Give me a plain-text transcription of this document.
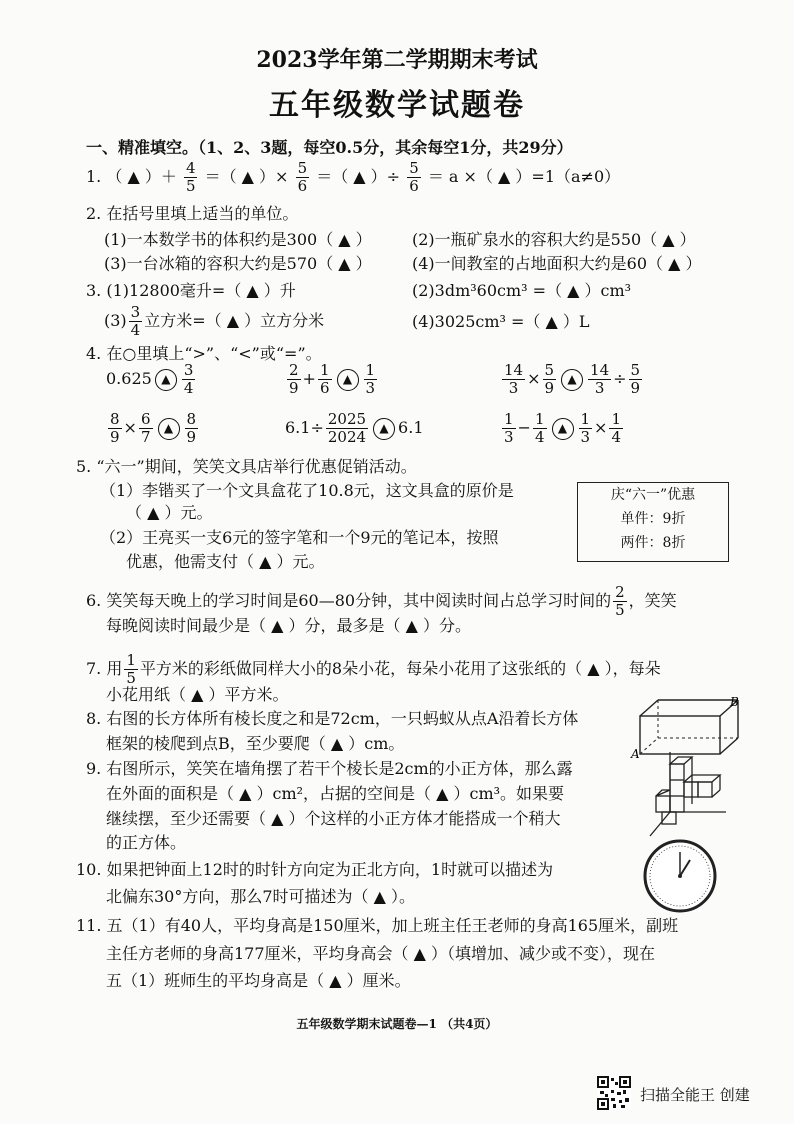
2023学年第二学期期末考试
五年级数学试题卷
一、精准填空。（1、2、3题，每空0.5分，其余每空1分，共29分）
1. （ ▲ ）＋ $\frac{4}{5}$ ＝（ ▲ ）× $\frac{5}{6}$ ＝（ ▲ ）÷ $\frac{5}{6} = a$ ×（ ▲ ）=1（a≠0）
2. 在括号里填上适当的单位。
(1)一本数学书的体积约是300（ ▲ ）	(2)一瓶矿泉水的容积大约是550（ ▲ ）
(3)一台冰箱的容积大约是570（ ▲ ）	(4)一间教室的占地面积大约是60（ ▲ ）
3. (1)12800毫升=（ ▲ ）升	(2)3dm³60cm³ =（ ▲ ）cm³
$(3) \frac{3}{4}$ 立方米=（ ▲ ）立方分米	(4)3025cm³ =（ ▲ ）L
4. 在○里填上“>”、“<”或“=”。
0.625 ▲ $\frac{3}{4}$	$\frac{2}{9} + \frac{1}{6}$ ▲ $\frac{1}{3}$	$\frac{14}{3} \times \frac{5}{9}$ ▲ $\frac{14}{3} \div \frac{5}{9}$
$\frac{8}{9} \times \frac{6}{7}$ ▲ $\frac{8}{9}$	$6.1\div \frac{2025}{2024}$ ▲ 6.1	$\frac{1}{3} - \frac{1}{4}$ ▲ $\frac{1}{3} \times \frac{1}{4}$
5. “六一”期间，笑笑文具店举行优惠促销活动。
（1）李锴买了一个文具盒花了10.8元，这文具盒的原价是
（ ▲ ）元。
（2）王亮买一支6元的签字笔和一个9元的笔记本，按照
优惠，他需支付（ ▲ ）元。
庆“六一”优惠
单件：9折
两件：8折
6. 笑笑每天晚上的学习时间是60—80分钟，其中阅读时间占总学习时间的 $\frac{2}{5}$ ，笑笑
每晚阅读时间最少是（ ▲ ）分，最多是（ ▲ ）分。
7. 用 $\frac{1}{5}$ 平方米的彩纸做同样大小的8朵小花，每朵小花用了这张纸的（ ▲ ），每朵
小花用纸（ ▲ ）平方米。
8. 右图的长方体所有棱长度之和是72cm，一只蚂蚁从点A沿着长方体
框架的棱爬到点B，至少要爬（ ▲ ）cm。
A
B
9. 右图所示，笑笑在墙角摆了若干个棱长是2cm的小正方体，那么露
在外面的面积是（ ▲ ）cm²，占据的空间是（ ▲ ）cm³。如果要
继续摆，至少还需要（ ▲ ）个这样的小正方体才能搭成一个稍大
的正方体。
10. 如果把钟面上12时的时针方向定为正北方向，1时就可以描述为
北偏东30°方向，那么7时可描述为（ ▲ ）。
11. 五（1）有40人，平均身高是150厘米，加上班主任王老师的身高165厘米，副班
主任方老师的身高177厘米，平均身高会（ ▲ ）（填增加、减少或不变），现在
五（1）班师生的平均身高是（ ▲ ）厘米。
五年级数学期末试题卷—1 （共4页）
扫描全能王 创建
